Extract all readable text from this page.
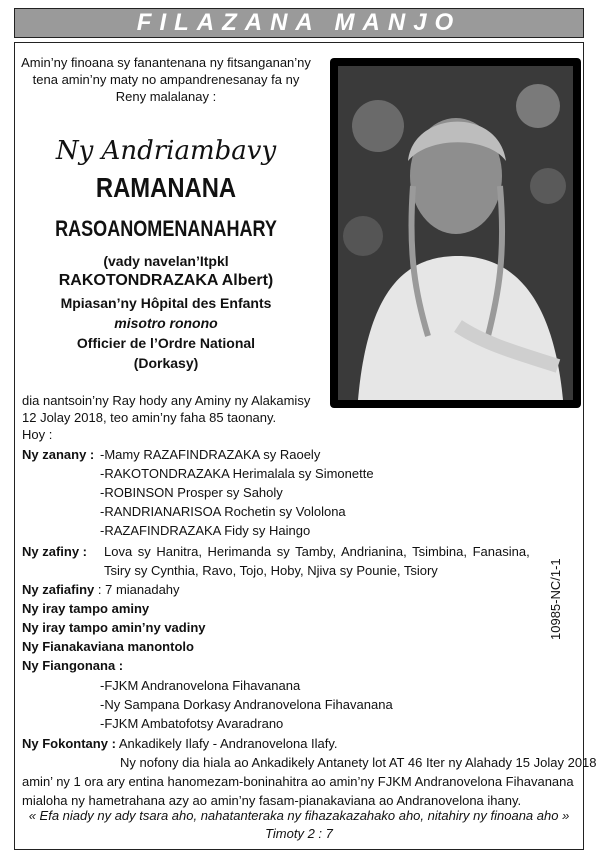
FILAZANA MANJO
Amin’ny finoana sy fanantenana ny fitsanganan’ny
tena amin’ny maty no ampandrenesanay fa ny
Reny malalanay :
Ny Andriambavy
RAMANANA
RASOANOMENANAHARY
(vady navelan’Itpkl
RAKOTONDRAZAKA Albert)
Mpiasan’ny Hôpital des Enfants
misotro ronono
Officier de l’Ordre National
(Dorkasy)
dia nantsoin’ny Ray hody any Aminy ny Alakamisy
12 Jolay 2018, teo amin’ny faha 85 taonany.
Hoy :
Ny zanany : -Mamy RAZAFINDRAZAKA sy Raoely
-RAKOTONDRAZAKA Herimalala sy Simonette
-ROBINSON Prosper sy Saholy
-RANDRIANARISOA Rochetin sy Vololona
-RAZAFINDRAZAKA Fidy sy Haingo
Ny zafiny : Lova sy Hanitra, Herimanda sy Tamby, Andrianina, Tsimbina, Fanasina,
Tsiry sy Cynthia, Ravo, Tojo, Hoby, Njiva sy Pounie, Tsiory
Ny zafiafiny : 7 mianadahy
Ny iray tampo aminy
Ny iray tampo amin’ny vadiny
Ny Fianakaviana manontolo
Ny Fiangonana :
-FJKM Andranovelona Fihavanana
-Ny Sampana Dorkasy Andranovelona Fihavanana
-FJKM Ambatofotsy Avaradrano
Ny Fokontany : Ankadikely Ilafy - Andranovelona Ilafy.
Ny nofony dia hiala ao Ankadikely Antanety lot AT 46 Iter ny Alahady 15 Jolay 2018
amin’ ny 1 ora ary entina hanomezam-boninahitra ao amin’ny FJKM Andranovelona Fihavanana
mialoha ny hametrahana azy ao amin’ny fasam-pianakaviana ao Andranovelona ihany.
10985-NC/1-1
« Efa niady ny ady tsara aho, nahatanteraka ny fihazakazahako aho, nitahiry ny finoana aho »
Timoty 2 : 7
